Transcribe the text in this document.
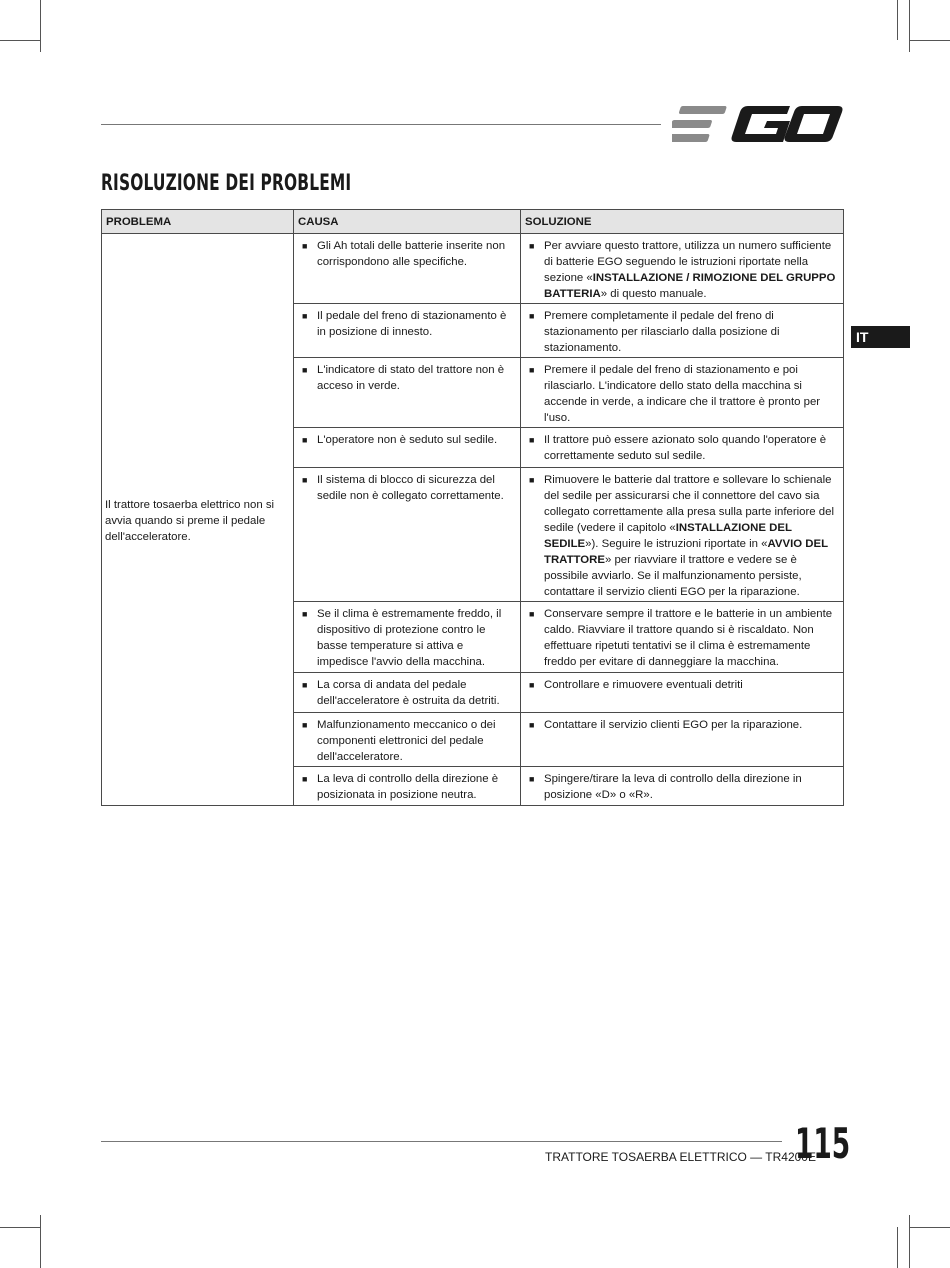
RISOLUZIONE DEI PROBLEMI
IT
PROBLEMA	CAUSA	SOLUZIONE
Il trattore tosaerba elettrico non si avvia quando si preme il pedale dell'acceleratore.	■ Gli Ah totali delle batterie inserite non corrispondono alle specifiche.	■ Per avviare questo trattore, utilizza un numero sufficiente di batterie EGO seguendo le istruzioni riportate nella sezione «INSTALLAZIONE / RIMOZIONE DEL GRUPPO BATTERIA» di questo manuale.

	■ Il pedale del freno di stazionamento è in posizione di innesto.	■ Premere completamente il pedale del freno di stazionamento per rilasciarlo dalla posizione di stazionamento.

	■ L'indicatore di stato del trattore non è acceso in verde.	■ Premere il pedale del freno di stazionamento e poi rilasciarlo. L'indicatore dello stato della macchina si accende in verde, a indicare che il trattore è pronto per l'uso.

	■ L'operatore non è seduto sul sedile.	■ Il trattore può essere azionato solo quando l'operatore è correttamente seduto sul sedile.

	■ Il sistema di blocco di sicurezza del sedile non è collegato correttamente.	■ Rimuovere le batterie dal trattore e sollevare lo schienale del sedile per assicurarsi che il connettore del cavo sia collegato correttamente alla presa sulla parte inferiore del sedile (vedere il capitolo «INSTALLAZIONE DEL SEDILE»). Seguire le istruzioni riportate in «AVVIO DEL TRATTORE» per riavviare il trattore e vedere se è possibile avviarlo. Se il malfunzionamento persiste, contattare il servizio clienti EGO per la riparazione.

	■ Se il clima è estremamente freddo, il dispositivo di protezione contro le basse temperature si attiva e impedisce l'avvio della macchina.	■ Conservare sempre il trattore e le batterie in un ambiente caldo. Riavviare il trattore quando si è riscaldato. Non effettuare ripetuti tentativi se il clima è estremamente freddo per evitare di danneggiare la macchina.

	■ La corsa di andata del pedale dell'acceleratore è ostruita da detriti.	■ Controllare e rimuovere eventuali detriti

	■ Malfunzionamento meccanico o dei componenti elettronici del pedale dell'acceleratore.	■ Contattare il servizio clienti EGO per la riparazione.

	■ La leva di controllo della direzione è posizionata in posizione neutra.	■ Spingere/tirare la leva di controllo della direzione in posizione «D» o «R».
TRATTORE TOSAERBA ELETTRICO — TR4200E
115
